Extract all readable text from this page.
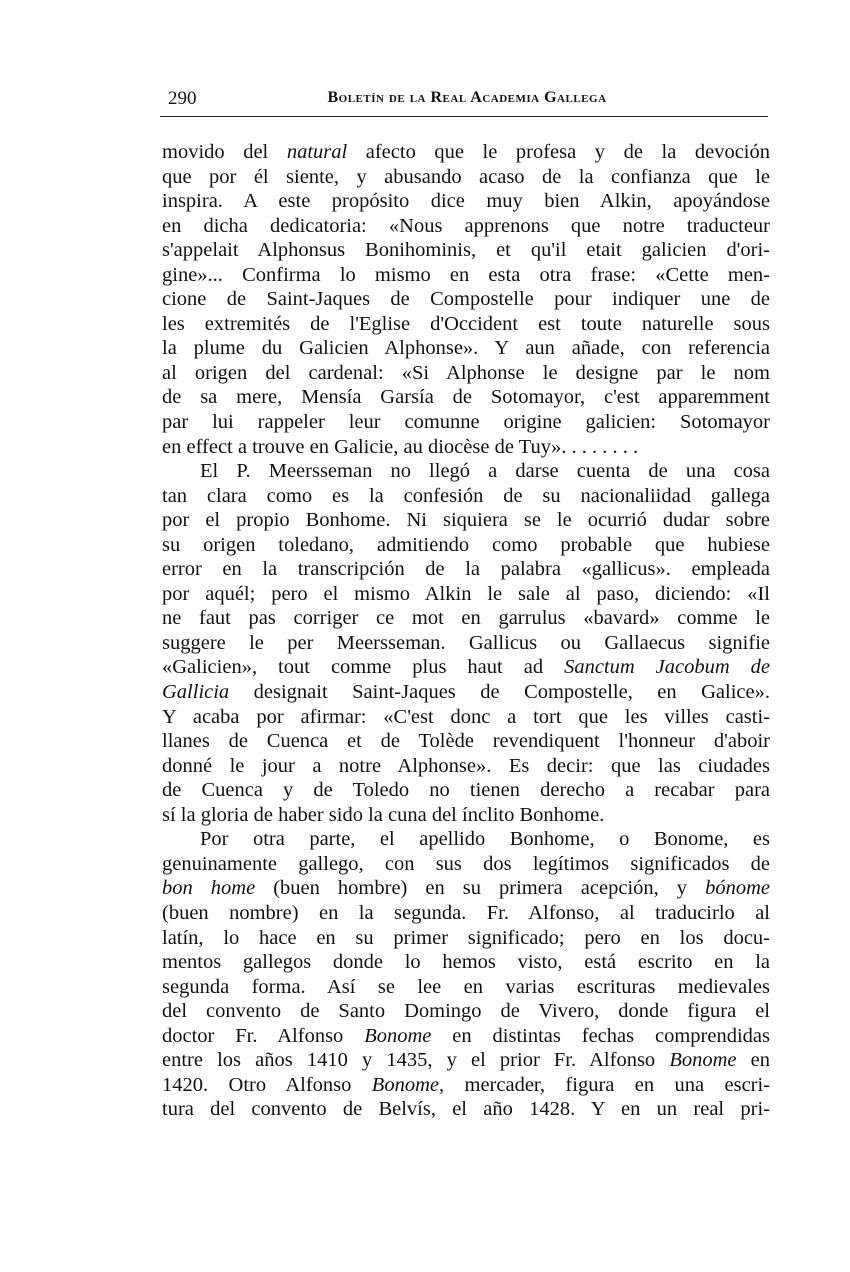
290	Boletín de la Real Academia Gallega
movido del natural afecto que le profesa y de la devoción
que por él siente, y abusando acaso de la confianza que le
inspira. A este propósito dice muy bien Alkin, apoyándose
en dicha dedicatoria: «Nous apprenons que notre traducteur
s'appelait Alphonsus Bonihominis, et qu'il etait galicien d'ori-
gine»... Confirma lo mismo en esta otra frase: «Cette men-
cione de Saint-Jaques de Compostelle pour indiquer une de
les extremités de l'Eglise d'Occident est toute naturelle sous
la plume du Galicien Alphonse». Y aun añade, con referencia
al origen del cardenal: «Si Alphonse le designe par le nom
de sa mere, Mensía Garsía de Sotomayor, c'est apparemment
par lui rappeler leur comunne origine galicien: Sotomayor
en effect a trouve en Galicie, au diocèse de Tuy». . . . . . . .
El P. Meersseman no llegó a darse cuenta de una cosa
tan clara como es la confesión de su nacionaliidad gallega
por el propio Bonhome. Ni siquiera se le ocurrió dudar sobre
su origen toledano, admitiendo como probable que hubiese
error en la transcripción de la palabra «gallicus». empleada
por aquél; pero el mismo Alkin le sale al paso, diciendo: «Il
ne faut pas corriger ce mot en garrulus «bavard» comme le
suggere le per Meersseman. Gallicus ou Gallaecus signifie
«Galicien», tout comme plus haut ad Sanctum Jacobum de
Gallicia designait Saint-Jaques de Compostelle, en Galice».
Y acaba por afirmar: «C'est donc a tort que les villes casti-
llanes de Cuenca et de Tolède revendiquent l'honneur d'aboir
donné le jour a notre Alphonse». Es decir: que las ciudades
de Cuenca y de Toledo no tienen derecho a recabar para
sí la gloria de haber sido la cuna del ínclito Bonhome.
Por otra parte, el apellido Bonhome, o Bonome, es
genuinamente gallego, con sus dos legítimos significados de
bon home (buen hombre) en su primera acepción, y bónome
(buen nombre) en la segunda. Fr. Alfonso, al traducirlo al
latín, lo hace en su primer significado; pero en los docu-
mentos gallegos donde lo hemos visto, está escrito en la
segunda forma. Así se lee en varias escrituras medievales
del convento de Santo Domingo de Vivero, donde figura el
doctor Fr. Alfonso Bonome en distintas fechas comprendidas
entre los años 1410 y 1435, y el prior Fr. Alfonso Bonome en
1420. Otro Alfonso Bonome, mercader, figura en una escri-
tura del convento de Belvís, el año 1428. Y en un real pri-
